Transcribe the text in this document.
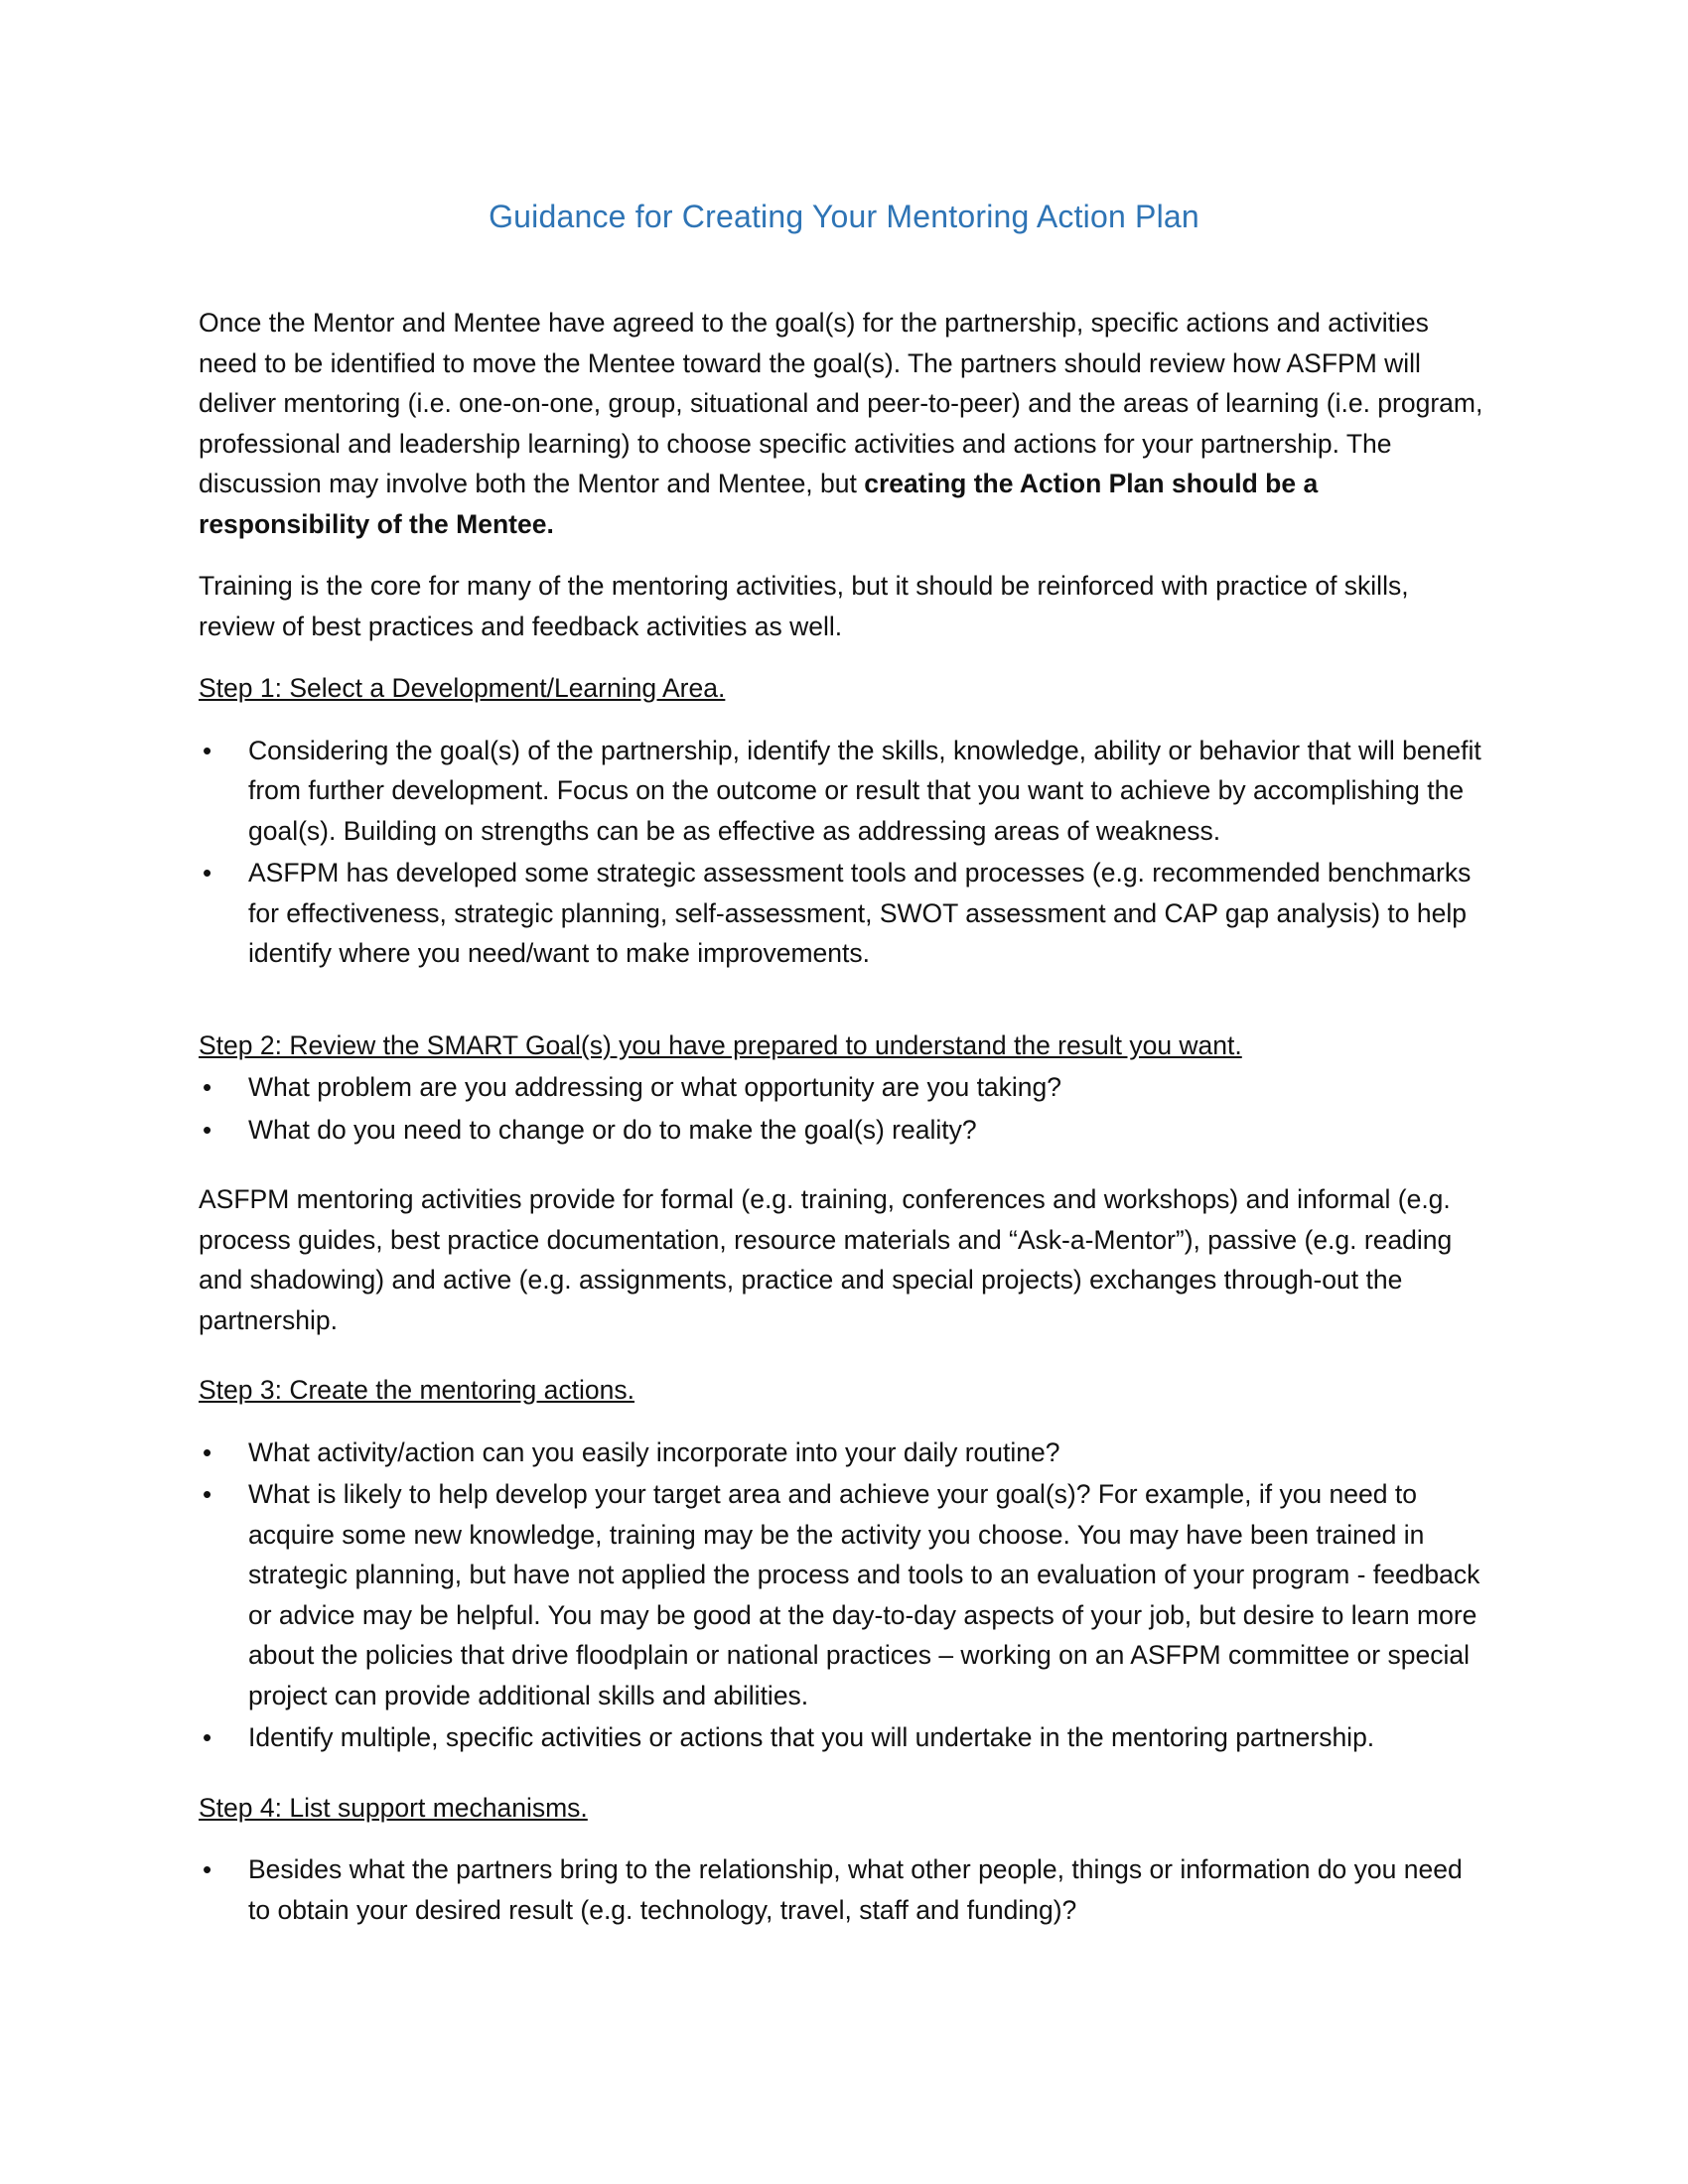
Guidance for Creating Your Mentoring Action Plan

Once the Mentor and Mentee have agreed to the goal(s) for the partnership, specific actions and activities need to be identified to move the Mentee toward the goal(s). The partners should review how ASFPM will deliver mentoring (i.e. one-on-one, group, situational and peer-to-peer) and the areas of learning (i.e. program, professional and leadership learning) to choose specific activities and actions for your partnership. The discussion may involve both the Mentor and Mentee, but creating the Action Plan should be a responsibility of the Mentee.

Training is the core for many of the mentoring activities, but it should be reinforced with practice of skills, review of best practices and feedback activities as well.

Step 1: Select a Development/Learning Area.
• Considering the goal(s) of the partnership, identify the skills, knowledge, ability or behavior that will benefit from further development. Focus on the outcome or result that you want to achieve by accomplishing the goal(s). Building on strengths can be as effective as addressing areas of weakness.
• ASFPM has developed some strategic assessment tools and processes (e.g. recommended benchmarks for effectiveness, strategic planning, self-assessment, SWOT assessment and CAP gap analysis) to help identify where you need/want to make improvements.
Step 2: Review the SMART Goal(s) you have prepared to understand the result you want.
• What problem are you addressing or what opportunity are you taking?
• What do you need to change or do to make the goal(s) reality?

ASFPM mentoring activities provide for formal (e.g. training, conferences and workshops) and informal (e.g. process guides, best practice documentation, resource materials and “Ask-a-Mentor”), passive (e.g. reading and shadowing) and active (e.g. assignments, practice and special projects) exchanges through-out the partnership.

Step 3: Create the mentoring actions.
• What activity/action can you easily incorporate into your daily routine?
• What is likely to help develop your target area and achieve your goal(s)? For example, if you need to acquire some new knowledge, training may be the activity you choose. You may have been trained in strategic planning, but have not applied the process and tools to an evaluation of your program - feedback or advice may be helpful. You may be good at the day-to-day aspects of your job, but desire to learn more about the policies that drive floodplain or national practices – working on an ASFPM committee or special project can provide additional skills and abilities.
• Identify multiple, specific activities or actions that you will undertake in the mentoring partnership.
Step 4: List support mechanisms.
• Besides what the partners bring to the relationship, what other people, things or information do you need to obtain your desired result (e.g. technology, travel, staff and funding)?
